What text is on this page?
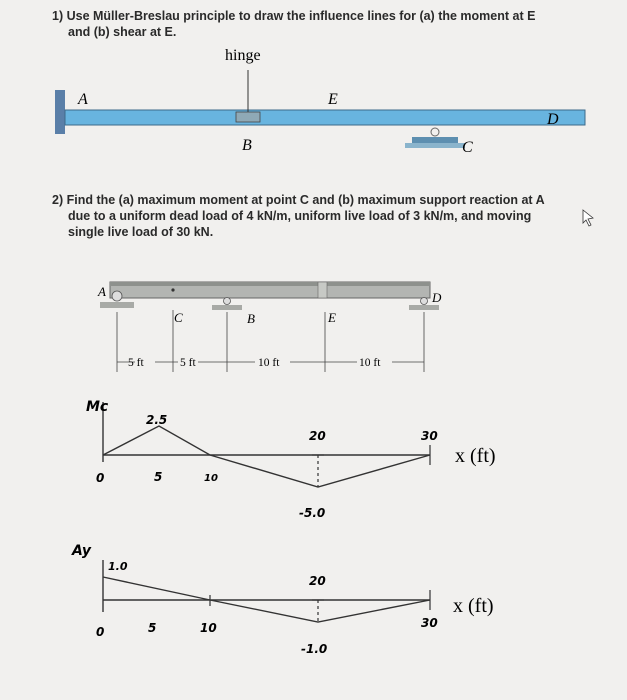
1) Use Müller-Breslau principle to draw the influence lines for (a) the moment at E
and (b) shear at E.
2) Find the (a) maximum moment at point C and (b) maximum support reaction at A
due to a uniform dead load of 4 kN/m, uniform live load of 3 kN/m, and moving
single live load of 30 kN.
hinge
A	E
D
B	C
A
C	B	E
D
5 ft	5 ft	10 ft	10 ft
Mc
2.5
20	30
x (ft)
0	5	10
-5.0
Ay
1.0
20
30
x (ft)
0	5	10
-1.0
